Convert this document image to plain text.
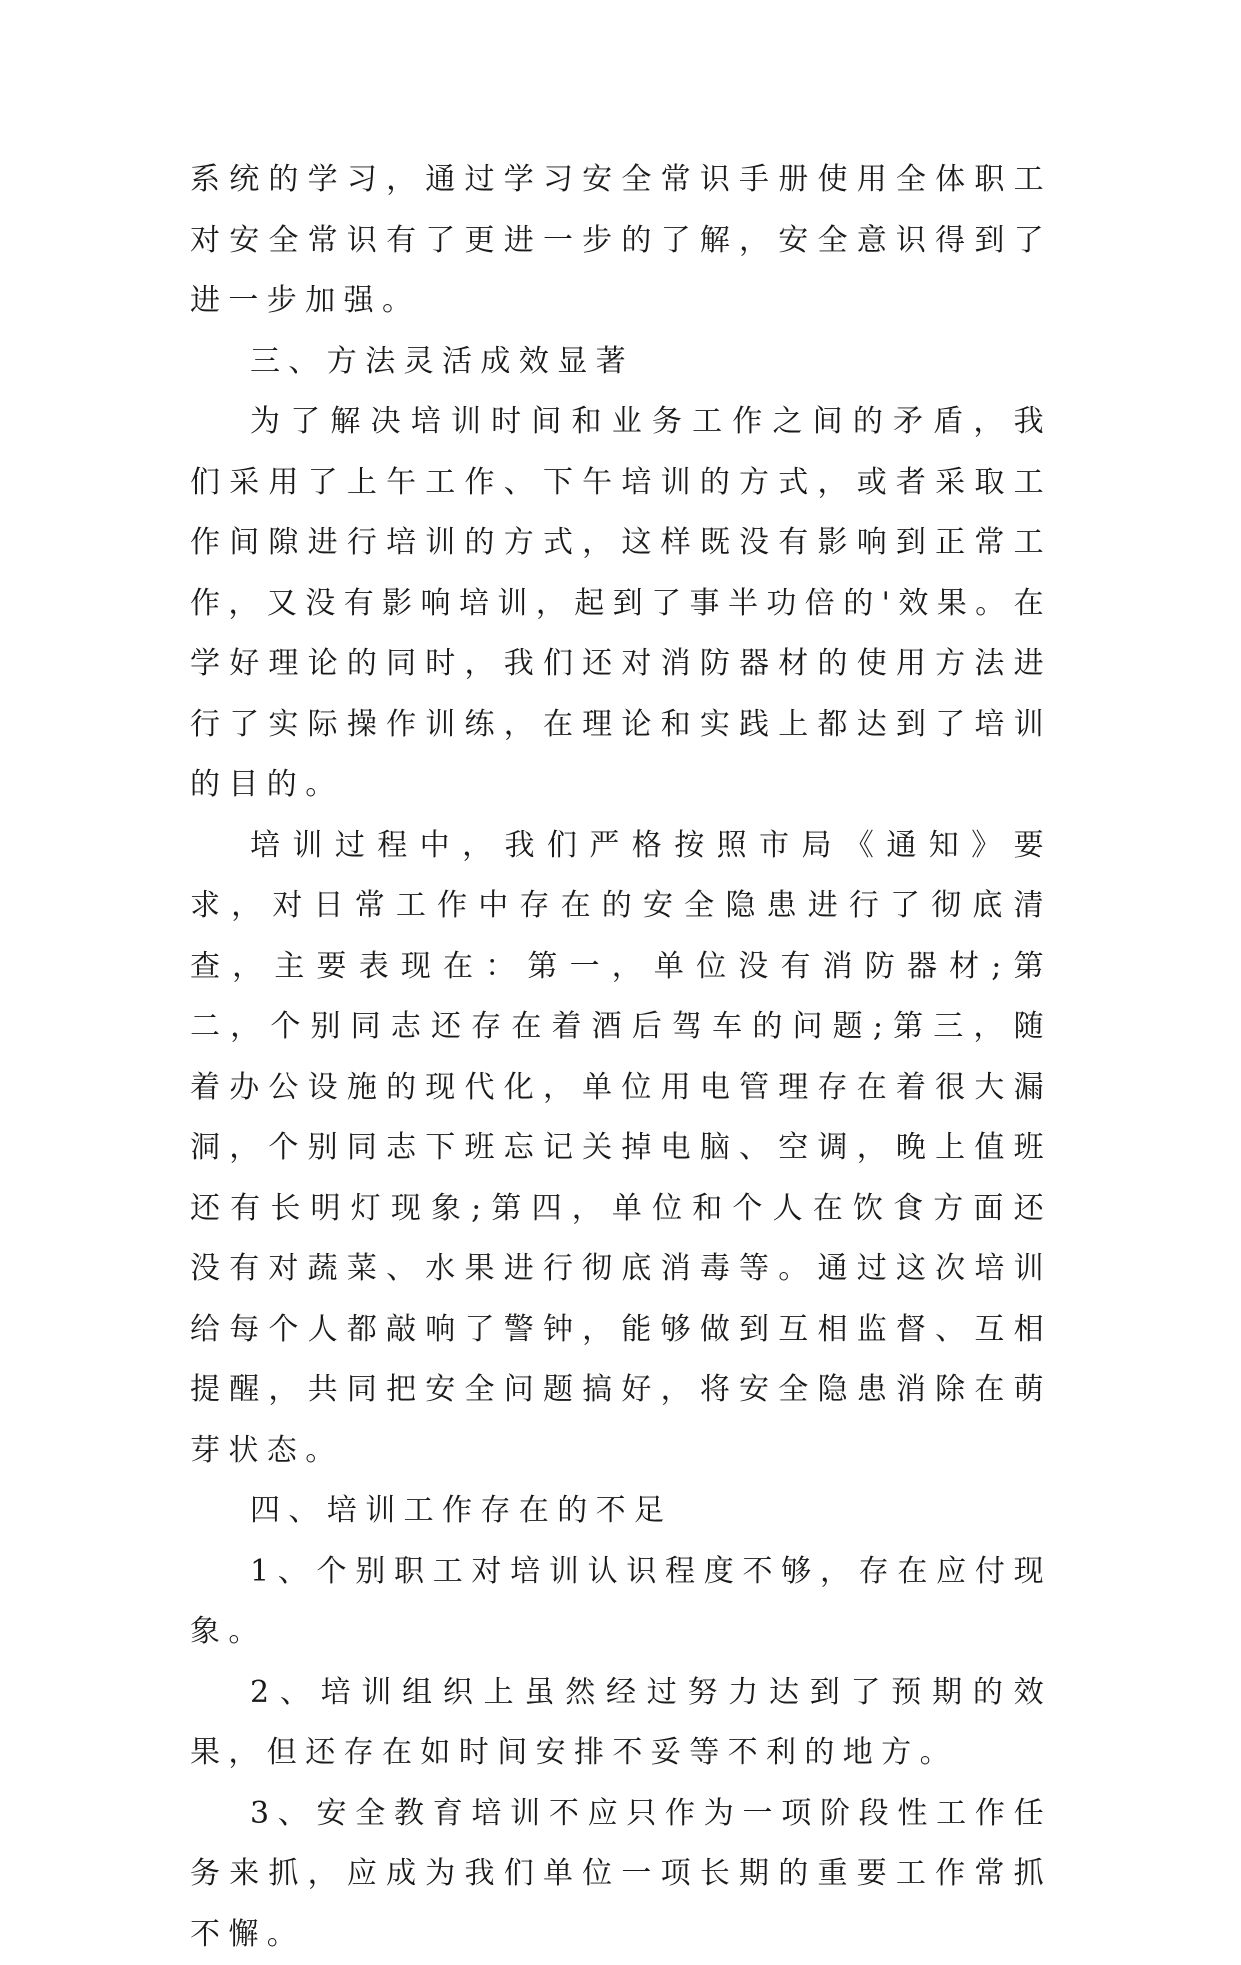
系统的学习，通过学习安全常识手册使用全体职工对安全常识有了更进一步的了解，安全意识得到了进一步加强。

三、方法灵活成效显著

为了解决培训时间和业务工作之间的矛盾，我们采用了上午工作、下午培训的方式，或者采取工作间隙进行培训的方式，这样既没有影响到正常工作，又没有影响培训，起到了事半功倍的'效果。在学好理论的同时，我们还对消防器材的使用方法进行了实际操作训练，在理论和实践上都达到了培训的目的。

培训过程中，我们严格按照市局《通知》要求，对日常工作中存在的安全隐患进行了彻底清查，主要表现在：第一，单位没有消防器材;第二，个别同志还存在着酒后驾车的问题;第三，随着办公设施的现代化，单位用电管理存在着很大漏洞，个别同志下班忘记关掉电脑、空调，晚上值班还有长明灯现象;第四，单位和个人在饮食方面还没有对蔬菜、水果进行彻底消毒等。通过这次培训给每个人都敲响了警钟，能够做到互相监督、互相提醒，共同把安全问题搞好，将安全隐患消除在萌芽状态。

四、培训工作存在的不足

1、个别职工对培训认识程度不够，存在应付现象。

2、培训组织上虽然经过努力达到了预期的效果，但还存在如时间安排不妥等不利的地方。

3、安全教育培训不应只作为一项阶段性工作任务来抓，应成为我们单位一项长期的重要工作常抓不懈。
